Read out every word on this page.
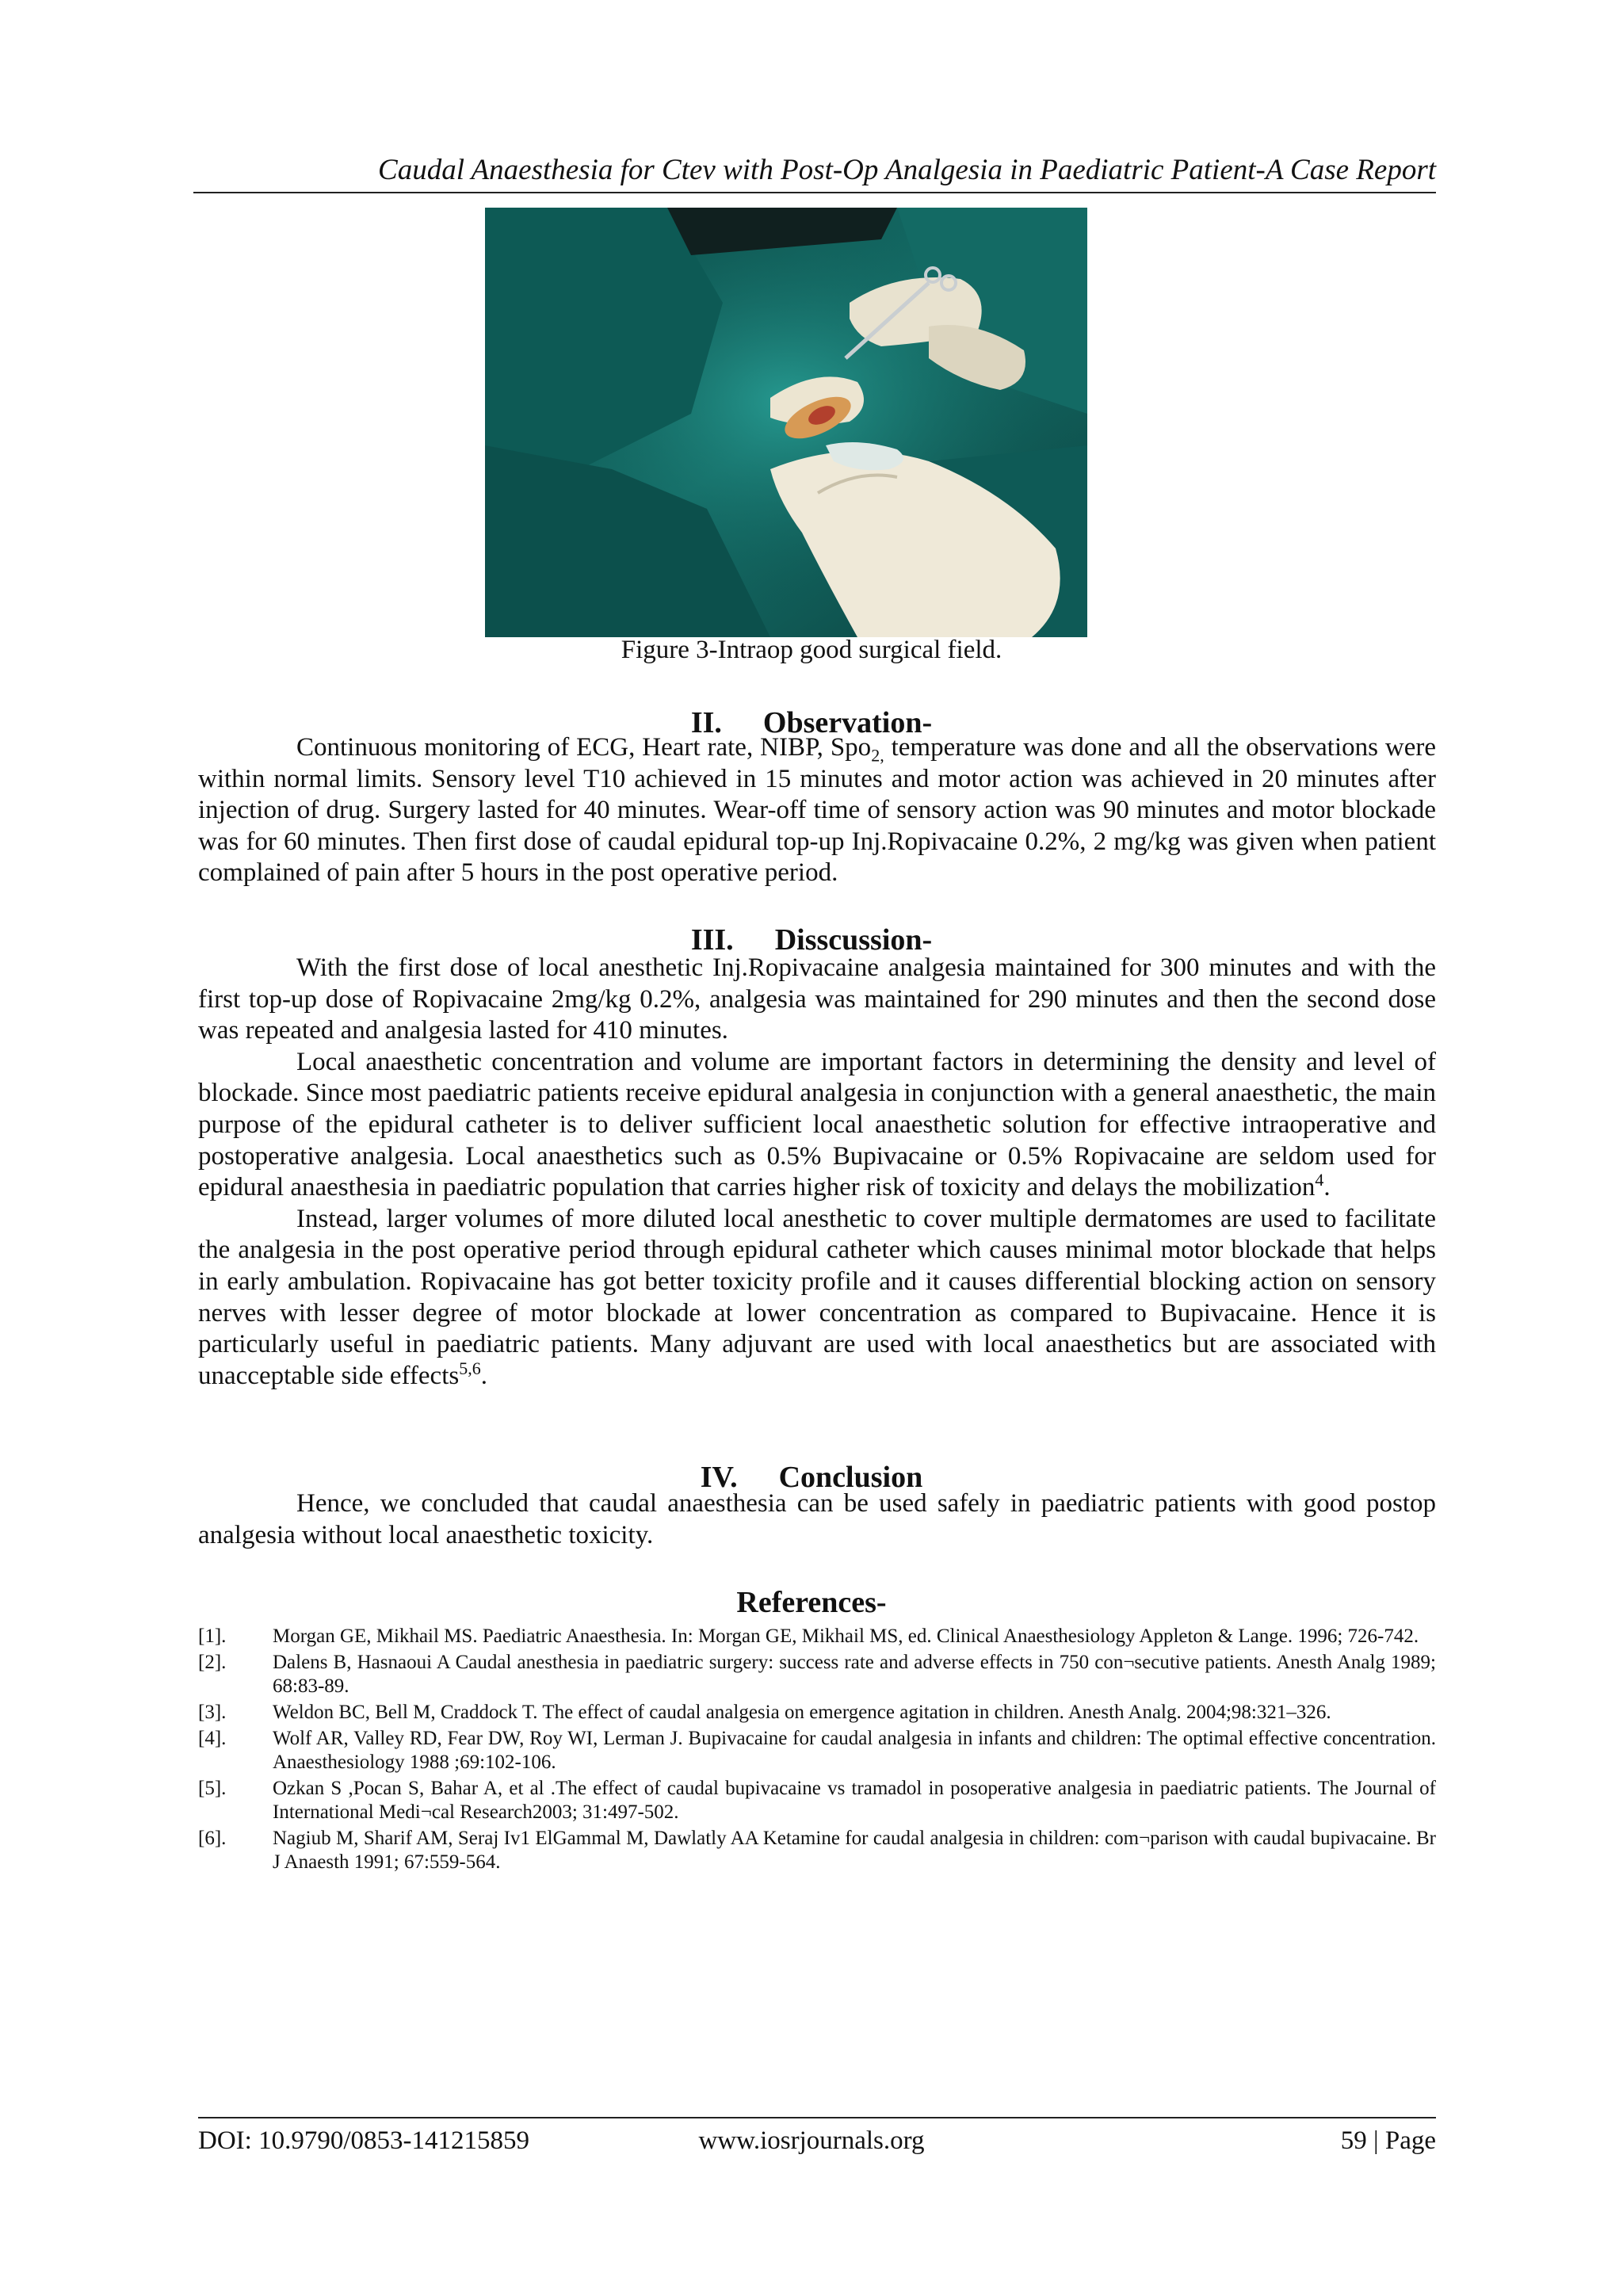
Caudal Anaesthesia for Ctev with Post-Op Analgesia in Paediatric Patient-A Case Report
Figure 3-Intraop good surgical field.
II. Observation-

Continuous monitoring of ECG, Heart rate, NIBP, Spo$_{2,}$ temperature was done and all the observations were within normal limits. Sensory level T10 achieved in 15 minutes and motor action was achieved in 20 minutes after injection of drug. Surgery lasted for 40 minutes. Wear-off time of sensory action was 90 minutes and motor blockade was for 60 minutes. Then first dose of caudal epidural top-up Inj.Ropivacaine 0.2%, 2 mg/kg was given when patient complained of pain after 5 hours in the post operative period.

III. Disscussion-

With the first dose of local anesthetic Inj.Ropivacaine analgesia maintained for 300 minutes and with the first top-up dose of Ropivacaine 2mg/kg 0.2%, analgesia was maintained for 290 minutes and then the second dose was repeated and analgesia lasted for 410 minutes.

Local anaesthetic concentration and volume are important factors in determining the density and level of blockade. Since most paediatric patients receive epidural analgesia in conjunction with a general anaesthetic, the main purpose of the epidural catheter is to deliver sufficient local anaesthetic solution for effective intraoperative and postoperative analgesia. Local anaesthetics such as 0.5% Bupivacaine or 0.5% Ropivacaine are seldom used for epidural anaesthesia in paediatric population that carries higher risk of toxicity and delays the mobilization$^4$.

Instead, larger volumes of more diluted local anesthetic to cover multiple dermatomes are used to facilitate the analgesia in the post operative period through epidural catheter which causes minimal motor blockade that helps in early ambulation. Ropivacaine has got better toxicity profile and it causes differential blocking action on sensory nerves with lesser degree of motor blockade at lower concentration as compared to Bupivacaine. Hence it is particularly useful in paediatric patients. Many adjuvant are used with local anaesthetics but are associated with unacceptable side effects$^{5,6}$.

IV. Conclusion

Hence, we concluded that caudal anaesthesia can be used safely in paediatric patients with good postop analgesia without local anaesthetic toxicity.

References-
[1]. Morgan GE, Mikhail MS. Paediatric Anaesthesia. In: Morgan GE, Mikhail MS, ed. Clinical Anaesthesiology Appleton & Lange. 1996; 726-742.
[2]. Dalens B, Hasnaoui A Caudal anesthesia in paediatric surgery: success rate and adverse effects in 750 con¬secutive patients. Anesth Analg 1989; 68:83-89.
[3]. Weldon BC, Bell M, Craddock T. The effect of caudal analgesia on emergence agitation in children. Anesth Analg. 2004;98:321–326.
[4]. Wolf AR, Valley RD, Fear DW, Roy WI, Lerman J. Bupivacaine for caudal analgesia in infants and children: The optimal effective concentration. Anaesthesiology 1988 ;69:102-106.
[5]. Ozkan S ,Pocan S, Bahar A, et al .The effect of caudal bupivacaine vs tramadol in posoperative analgesia in paediatric patients. The Journal of International Medi¬cal Research2003; 31:497-502.
[6]. Nagiub M, Sharif AM, Seraj Iv1 ElGammal M, Dawlatly AA Ketamine for caudal analgesia in children: com¬parison with caudal bupivacaine. Br J Anaesth 1991; 67:559-564.
DOI: 10.9790/0853-141215859	www.iosrjournals.org	59 | Page
